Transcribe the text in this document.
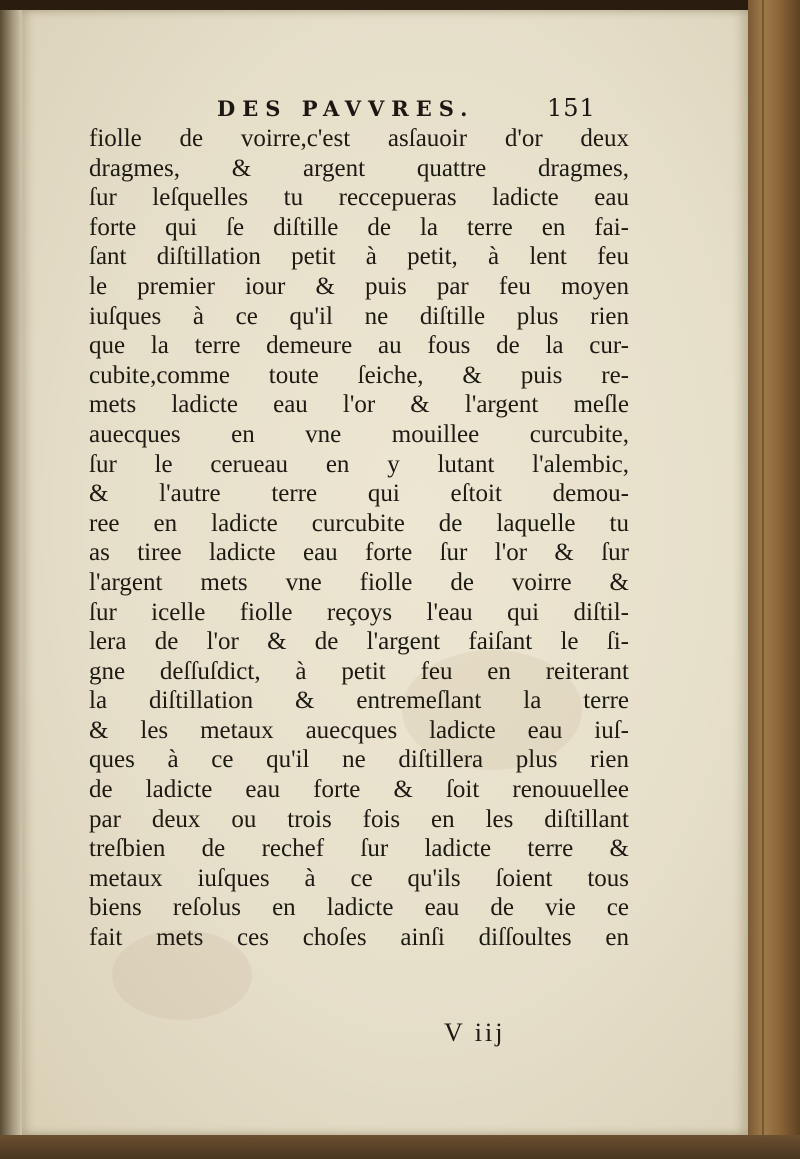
DES PAVVRES.	151
fiolle de voirre,c'est asſauoir d'or deux
dragmes, & argent quattre dragmes,
ſur leſquelles tu reccepueras ladicte eau
forte qui ſe diſtille de la terre en fai-
ſant diſtillation petit à petit, à lent feu
le premier iour & puis par feu moyen
iuſques à ce qu'il ne diſtille plus rien
que la terre demeure au fous de la cur-
cubite,comme toute ſeiche, & puis re-
mets ladicte eau l'or & l'argent meſle
auecques en vne mouillee curcubite,
ſur le cerueau en y lutant l'alembic,
& l'autre terre qui eſtoit demou-
ree en ladicte curcubite de laquelle tu
as tiree ladicte eau forte ſur l'or & ſur
l'argent mets vne fiolle de voirre &
ſur icelle fiolle reçoys l'eau qui diſtil-
lera de l'or & de l'argent faiſant le ſi-
gne deſſuſdict, à petit feu en reiterant
la diſtillation & entremeſlant la terre
& les metaux auecques ladicte eau iuſ-
ques à ce qu'il ne diſtillera plus rien
de ladicte eau forte & ſoit renouuellee
par deux ou trois fois en les diſtillant
treſbien de rechef ſur ladicte terre &
metaux iuſques à ce qu'ils ſoient tous
biens reſolus en ladicte eau de vie ce
fait mets ces choſes ainſi diſſoultes en
V iij
